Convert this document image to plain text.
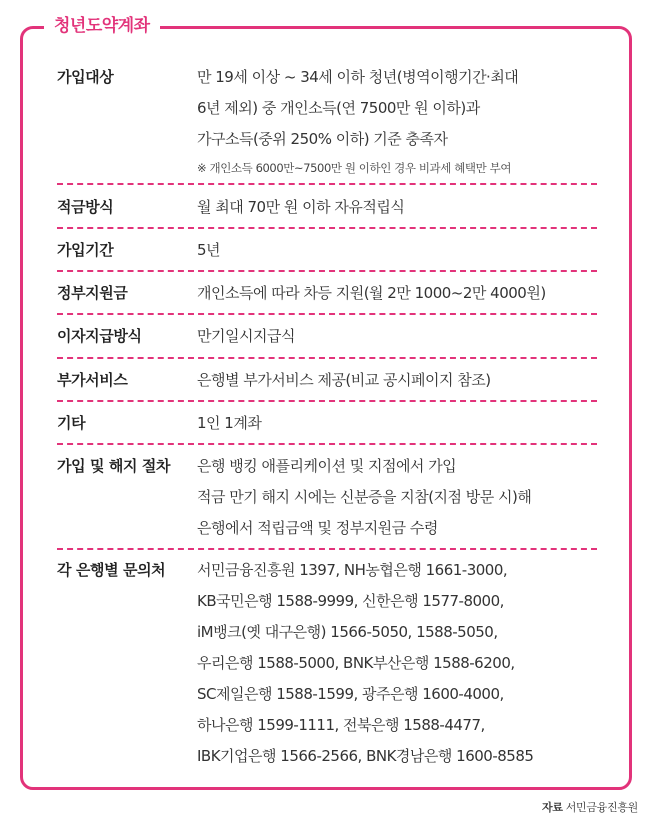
청년도약계좌
가입대상	만 19세 이상 ~ 34세 이하 청년(병역이행기간·최대
6년 제외) 중 개인소득(연 7500만 원 이하)과
가구소득(중위 250% 이하) 기준 충족자
※ 개인소득 6000만~7500만 원 이하인 경우 비과세 혜택만 부여
적금방식	월 최대 70만 원 이하 자유적립식
가입기간	5년
정부지원금	개인소득에 따라 차등 지원(월 2만 1000~2만 4000원)
이자지급방식	만기일시지급식
부가서비스	은행별 부가서비스 제공(비교 공시페이지 참조)
기타	1인 1계좌
가입 및 해지 절차	은행 뱅킹 애플리케이션 및 지점에서 가입
적금 만기 해지 시에는 신분증을 지참(지점 방문 시)해
은행에서 적립금액 및 정부지원금 수령
각 은행별 문의처	서민금융진흥원 1397, NH농협은행 1661-3000,
KB국민은행 1588-9999, 신한은행 1577-8000,
iM뱅크(옛 대구은행) 1566-5050, 1588-5050,
우리은행 1588-5000, BNK부산은행 1588-6200,
SC제일은행 1588-1599, 광주은행 1600-4000,
하나은행 1599-1111, 전북은행 1588-4477,
IBK기업은행 1566-2566, BNK경남은행 1600-8585
자료 서민금융진흥원
